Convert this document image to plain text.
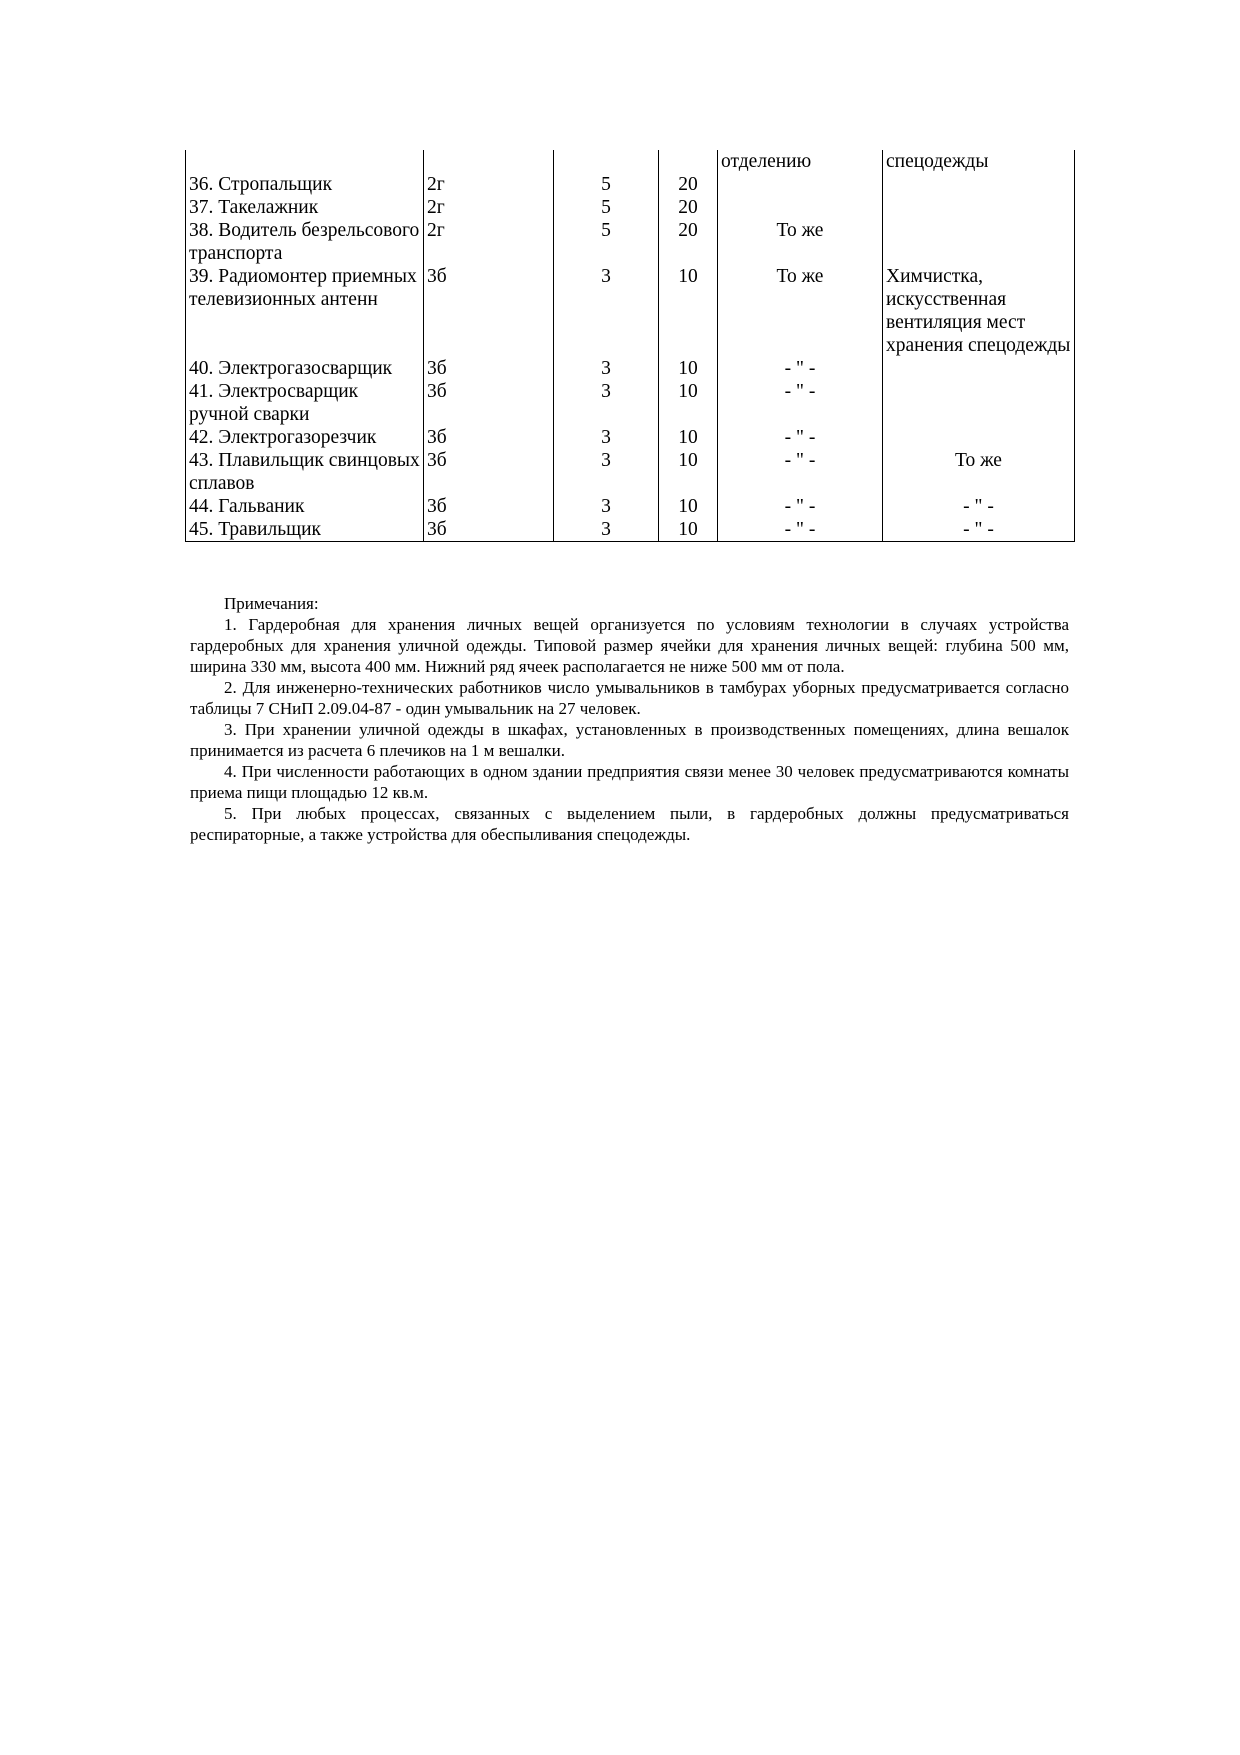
				отделению	спецодежды
36. Стропальщик	2г	5	20		
37. Такелажник	2г	5	20		
38. Водитель безрельсового транспорта	2г	5	20	То же	
39. Радиомонтер приемных телевизионных антенн	3б	3	10	То же	Химчистка, искусственная вентиляция мест хранения спецодежды
40. Электрогазосварщик	3б	3	10	- " -	
41. Электросварщик ручной сварки	3б	3	10	- " -	
42. Электрогазорезчик	3б	3	10	- " -	
43. Плавильщик свинцовых сплавов	3б	3	10	- " -	То же
44. Гальваник	3б	3	10	- " -	- " -
45. Травильщик	3б	3	10	- " -	- " -

Примечания:

1. Гардеробная для хранения личных вещей организуется по условиям технологии в случаях устройства гардеробных для хранения уличной одежды. Типовой размер ячейки для хранения личных вещей: глубина 500 мм, ширина 330 мм, высота 400 мм. Нижний ряд ячеек располагается не ниже 500 мм от пола.

2. Для инженерно-технических работников число умывальников в тамбурах уборных предусматривается согласно таблицы 7 СНиП 2.09.04-87 - один умывальник на 27 человек.

3. При хранении уличной одежды в шкафах, установленных в производственных помещениях, длина вешалок принимается из расчета 6 плечиков на 1 м вешалки.

4. При численности работающих в одном здании предприятия связи менее 30 человек предусматриваются комнаты приема пищи площадью 12 кв.м.

5. При любых процессах, связанных с выделением пыли, в гардеробных должны предусматриваться респираторные, а также устройства для обеспыливания спецодежды.
